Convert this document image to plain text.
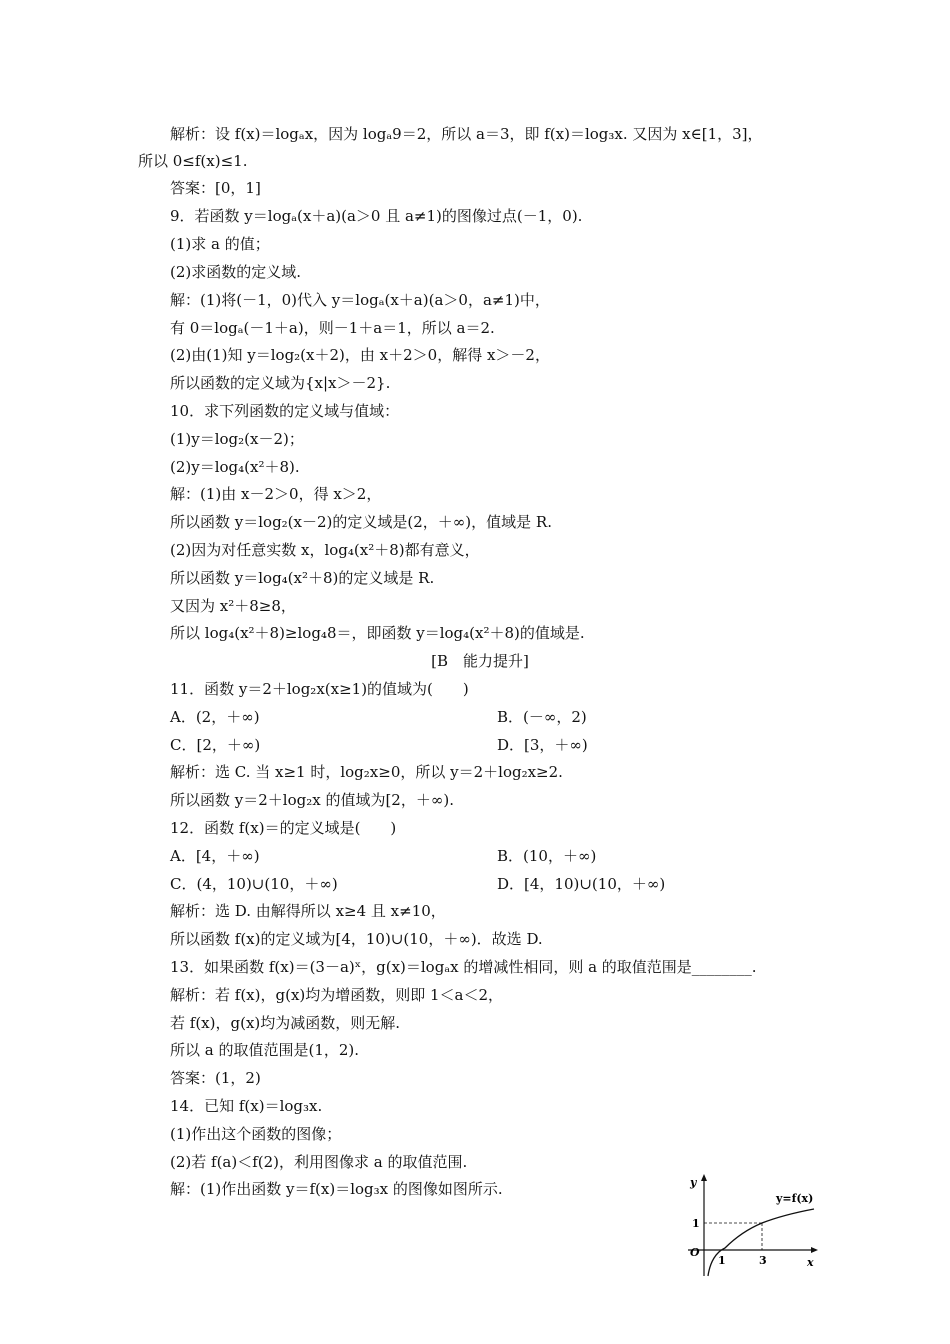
解析：设 f(x)＝logₐx，因为 logₐ9＝2，所以 a＝3，即 f(x)＝log₃x. 又因为 x∈[1，3]，
所以 0≤f(x)≤1.
答案：[0，1]
9．若函数 y＝logₐ(x＋a)(a＞0 且 a≠1)的图像过点(－1，0).
(1)求 a 的值；
(2)求函数的定义域.
解：(1)将(－1，0)代入 y＝logₐ(x＋a)(a＞0，a≠1)中，
有 0＝logₐ(－1＋a)，则－1＋a＝1，所以 a＝2.
(2)由(1)知 y＝log₂(x＋2)，由 x＋2＞0，解得 x＞－2，
所以函数的定义域为{x|x＞－2}.
10．求下列函数的定义域与值域：
(1)y＝log₂(x－2)；
(2)y＝log₄(x²＋8).
解：(1)由 x－2＞0，得 x＞2，
所以函数 y＝log₂(x－2)的定义域是(2，＋∞)，值域是 R.
(2)因为对任意实数 x，log₄(x²＋8)都有意义，
所以函数 y＝log₄(x²＋8)的定义域是 R.
又因为 x²＋8≥8，
所以 log₄(x²＋8)≥log₄8＝，即函数 y＝log₄(x²＋8)的值域是.
[B　能力提升]
11．函数 y＝2＋log₂x(x≥1)的值域为(　　)
A．(2，＋∞)	B．(－∞，2)
C．[2，＋∞)	D．[3，＋∞)
解析：选 C. 当 x≥1 时，log₂x≥0，所以 y＝2＋log₂x≥2.
所以函数 y＝2＋log₂x 的值域为[2，＋∞).
12．函数 f(x)＝的定义域是(　　)
A．[4，＋∞)	B．(10，＋∞)
C．(4，10)∪(10，＋∞)	D．[4，10)∪(10，＋∞)
解析：选 D. 由解得所以 x≥4 且 x≠10，
所以函数 f(x)的定义域为[4，10)∪(10，＋∞)．故选 D.
13．如果函数 f(x)＝(3－a)ˣ，g(x)＝logₐx 的增减性相同，则 a 的取值范围是________.
解析：若 f(x)，g(x)均为增函数，则即 1＜a＜2，
若 f(x)，g(x)均为减函数，则无解.
所以 a 的取值范围是(1，2).
答案：(1，2)
14．已知 f(x)＝log₃x.
(1)作出这个函数的图像；
(2)若 f(a)＜f(2)，利用图像求 a 的取值范围.
解：(1)作出函数 y＝f(x)＝log₃x 的图像如图所示.	y
x
O
y=f(x)
1
1	3
